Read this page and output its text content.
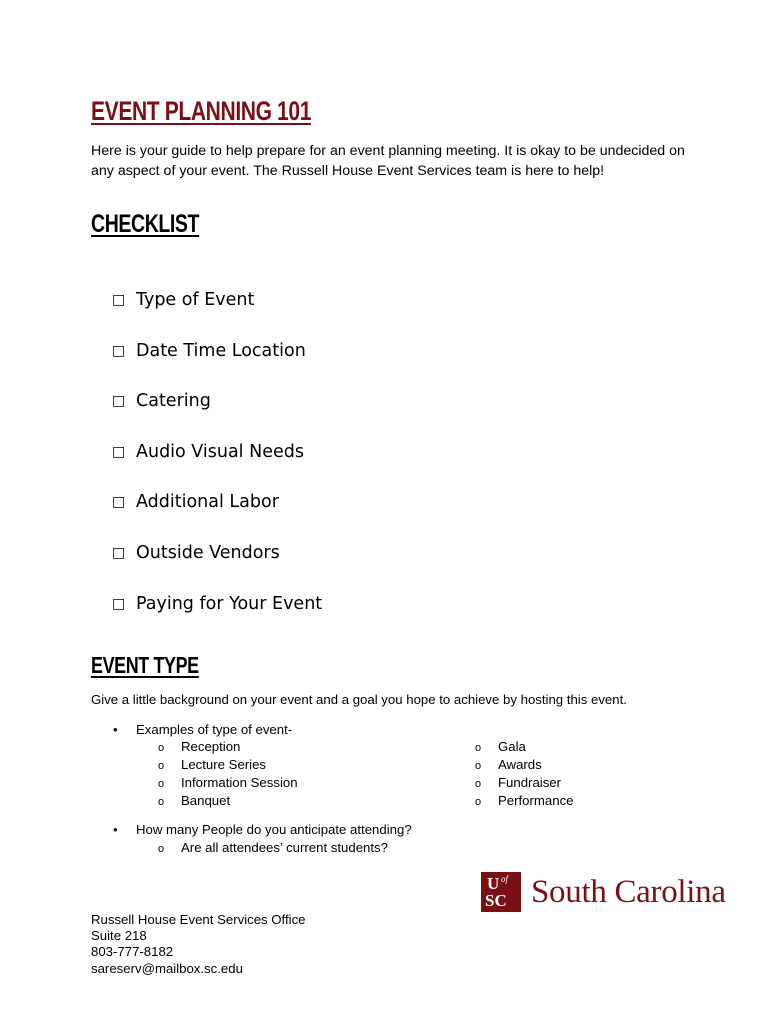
EVENT PLANNING 101
Here is your guide to help prepare for an event planning meeting. It is okay to be undecided on any aspect of your event. The Russell House Event Services team is here to help!
CHECKLIST
□ Type of Event
□ Date Time Location
□ Catering
□ Audio Visual Needs
□ Additional Labor
□ Outside Vendors
□ Paying for Your Event
EVENT TYPE
Give a little background on your event and a goal you hope to achieve by hosting this event.
• Examples of type of event-
o Reception
o Lecture Series
o Information Session
o Banquet
o Gala
o Awards
o Fundraiser
o Performance
• How many People do you anticipate attending?
o Are all attendees’ current students?
U of
SC South Carolina
Russell House Event Services Office
Suite 218
803-777-8182
sareserv@mailbox.sc.edu
